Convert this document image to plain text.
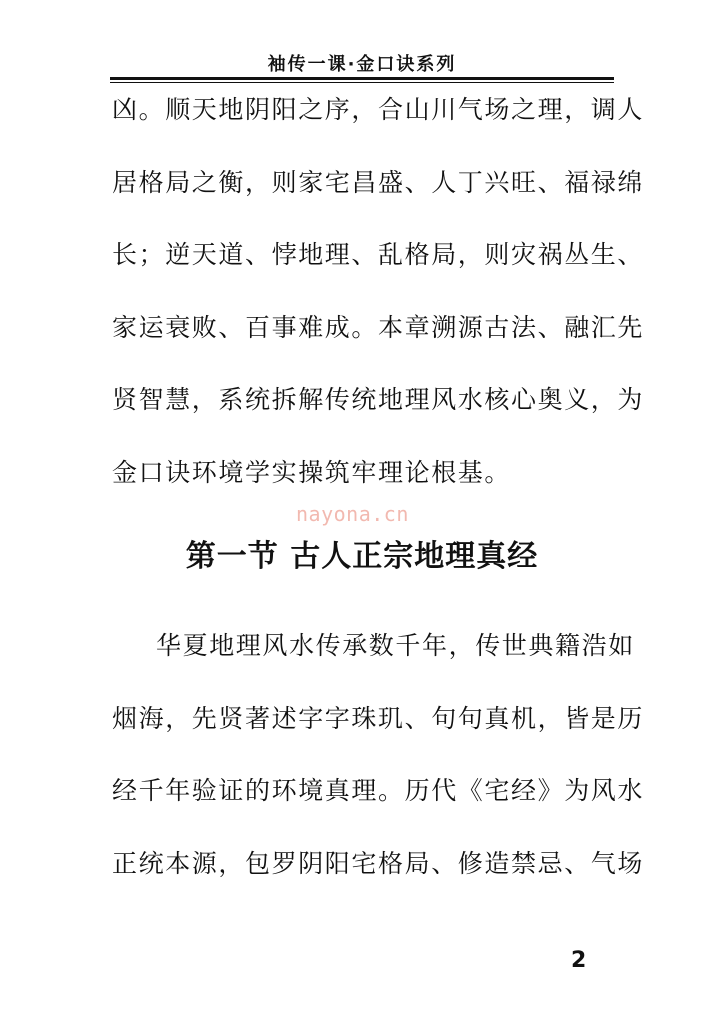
袖传一课·金口诀系列
凶。顺天地阴阳之序，合山川气场之理，调人
居格局之衡，则家宅昌盛、人丁兴旺、福禄绵
长；逆天道、悖地理、乱格局，则灾祸丛生、
家运衰败、百事难成。本章溯源古法、融汇先
贤智慧，系统拆解传统地理风水核心奥义，为
金口诀环境学实操筑牢理论根基。
nayona.cn
第一节 古人正宗地理真经
华夏地理风水传承数千年，传世典籍浩如
烟海，先贤著述字字珠玑、句句真机，皆是历
经千年验证的环境真理。历代《宅经》为风水
正统本源，包罗阴阳宅格局、修造禁忌、气场
2
